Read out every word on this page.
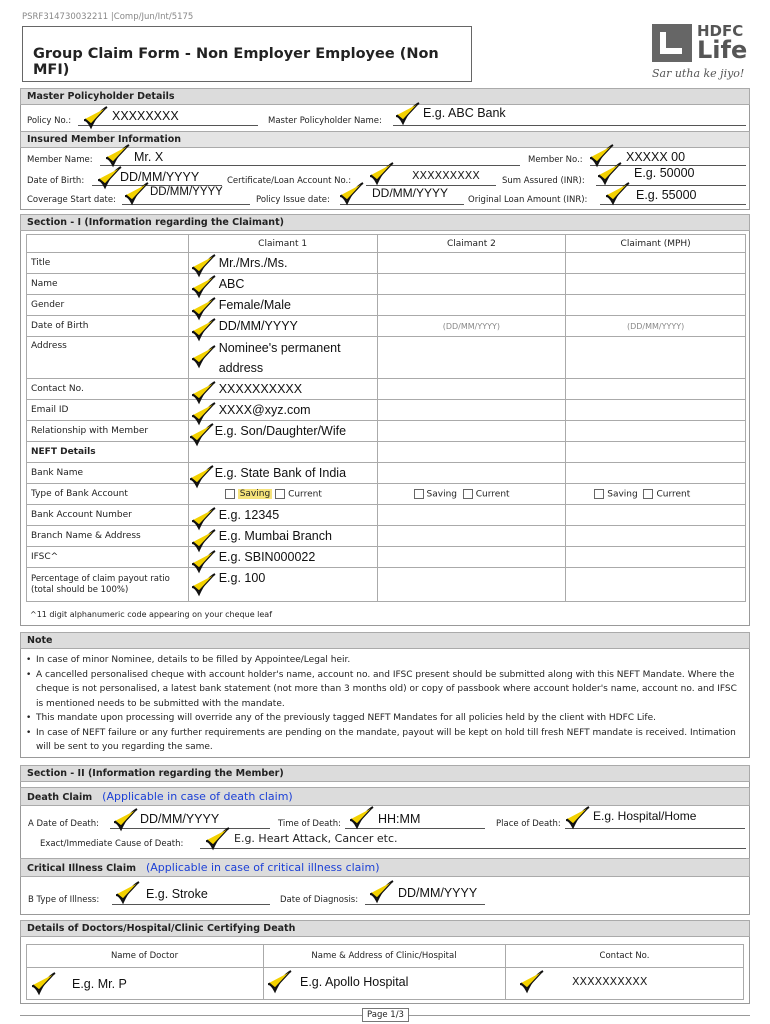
PSRF314730032211 |Comp/Jun/Int/5175
Group Claim Form - Non Employer Employee (Non MFI)
HDFC
Life
Sar utha ke jiyo!
Master Policyholder Details
Policy No.:	XXXXXXXX	Master Policyholder Name:
E.g. ABC Bank
Insured Member Information
Member Name:	Mr. X	Member No.:	XXXXX 00
Date of Birth:	DD/MM/YYYY	Certificate/Loan Account No.:	XXXXXXXXX	Sum Assured (INR):
E.g. 50000
Coverage Start date:
DD/MM/YYYY
Policy Issue date:	DD/MM/YYYY Original Loan Amount (INR):	E.g. 55000
Section - I (Information regarding the Claimant)
	Claimant 1	Claimant 2	Claimant (MPH)
Title	Mr./Mrs./Ms.		
Name	ABC		
Gender	Female/Male		
Date of Birth	DD/MM/YYYY	(DD/MM/YYYY)	(DD/MM/YYYY)
Address	Nominee's permanent
address		

Contact No.	XXXXXXXXXX		
Email ID	XXXX@xyz.com		
Relationship with Member	E.g. Son/Daughter/Wife		
NEFT Details			
Bank Name	E.g. State Bank of India		
Type of Bank Account	Saving Current	Saving Current	Saving Current
Bank Account Number	E.g. 12345		
Branch Name & Address	E.g. Mumbai Branch		
IFSC^	E.g. SBIN000022		

Percentage of claim payout ratio
(total should be 100%)	E.g. 100		
^11 digit alphanumeric code appearing on your cheque leaf
Note
• In case of minor Nominee, details to be filled by Appointee/Legal heir.
• A cancelled personalised cheque with account holder's name, account no. and IFSC present should be submitted along with this NEFT Mandate. Where the cheque is not personalised, a latest bank statement (not more than 3 months old) or copy of passbook where account holder's name, account no. and IFSC is mentioned needs to be submitted with the mandate.
• This mandate upon processing will override any of the previously tagged NEFT Mandates for all policies held by the client with HDFC Life.
• In case of NEFT failure or any further requirements are pending on the mandate, payout will be kept on hold till fresh NEFT mandate is received. Intimation will be sent to you regarding the same.
Section - II (Information regarding the Member)
Death Claim (Applicable in case of death claim)
A Date of Death:	DD/MM/YYYY	Time of Death:	HH:MM	Place of Death:
E.g. Hospital/Home
Exact/Immediate Cause of Death:	E.g. Heart Attack, Cancer etc.
Critical Illness Claim (Applicable in case of critical illness claim)
B Type of Illness:	E.g. Stroke	Date of Diagnosis:	DD/MM/YYYY
Details of Doctors/Hospital/Clinic Certifying Death
Name of Doctor	Name & Address of Clinic/Hospital	Contact No.
E.g. Mr. P	E.g. Apollo Hospital	XXXXXXXXXX
Page 1/3
